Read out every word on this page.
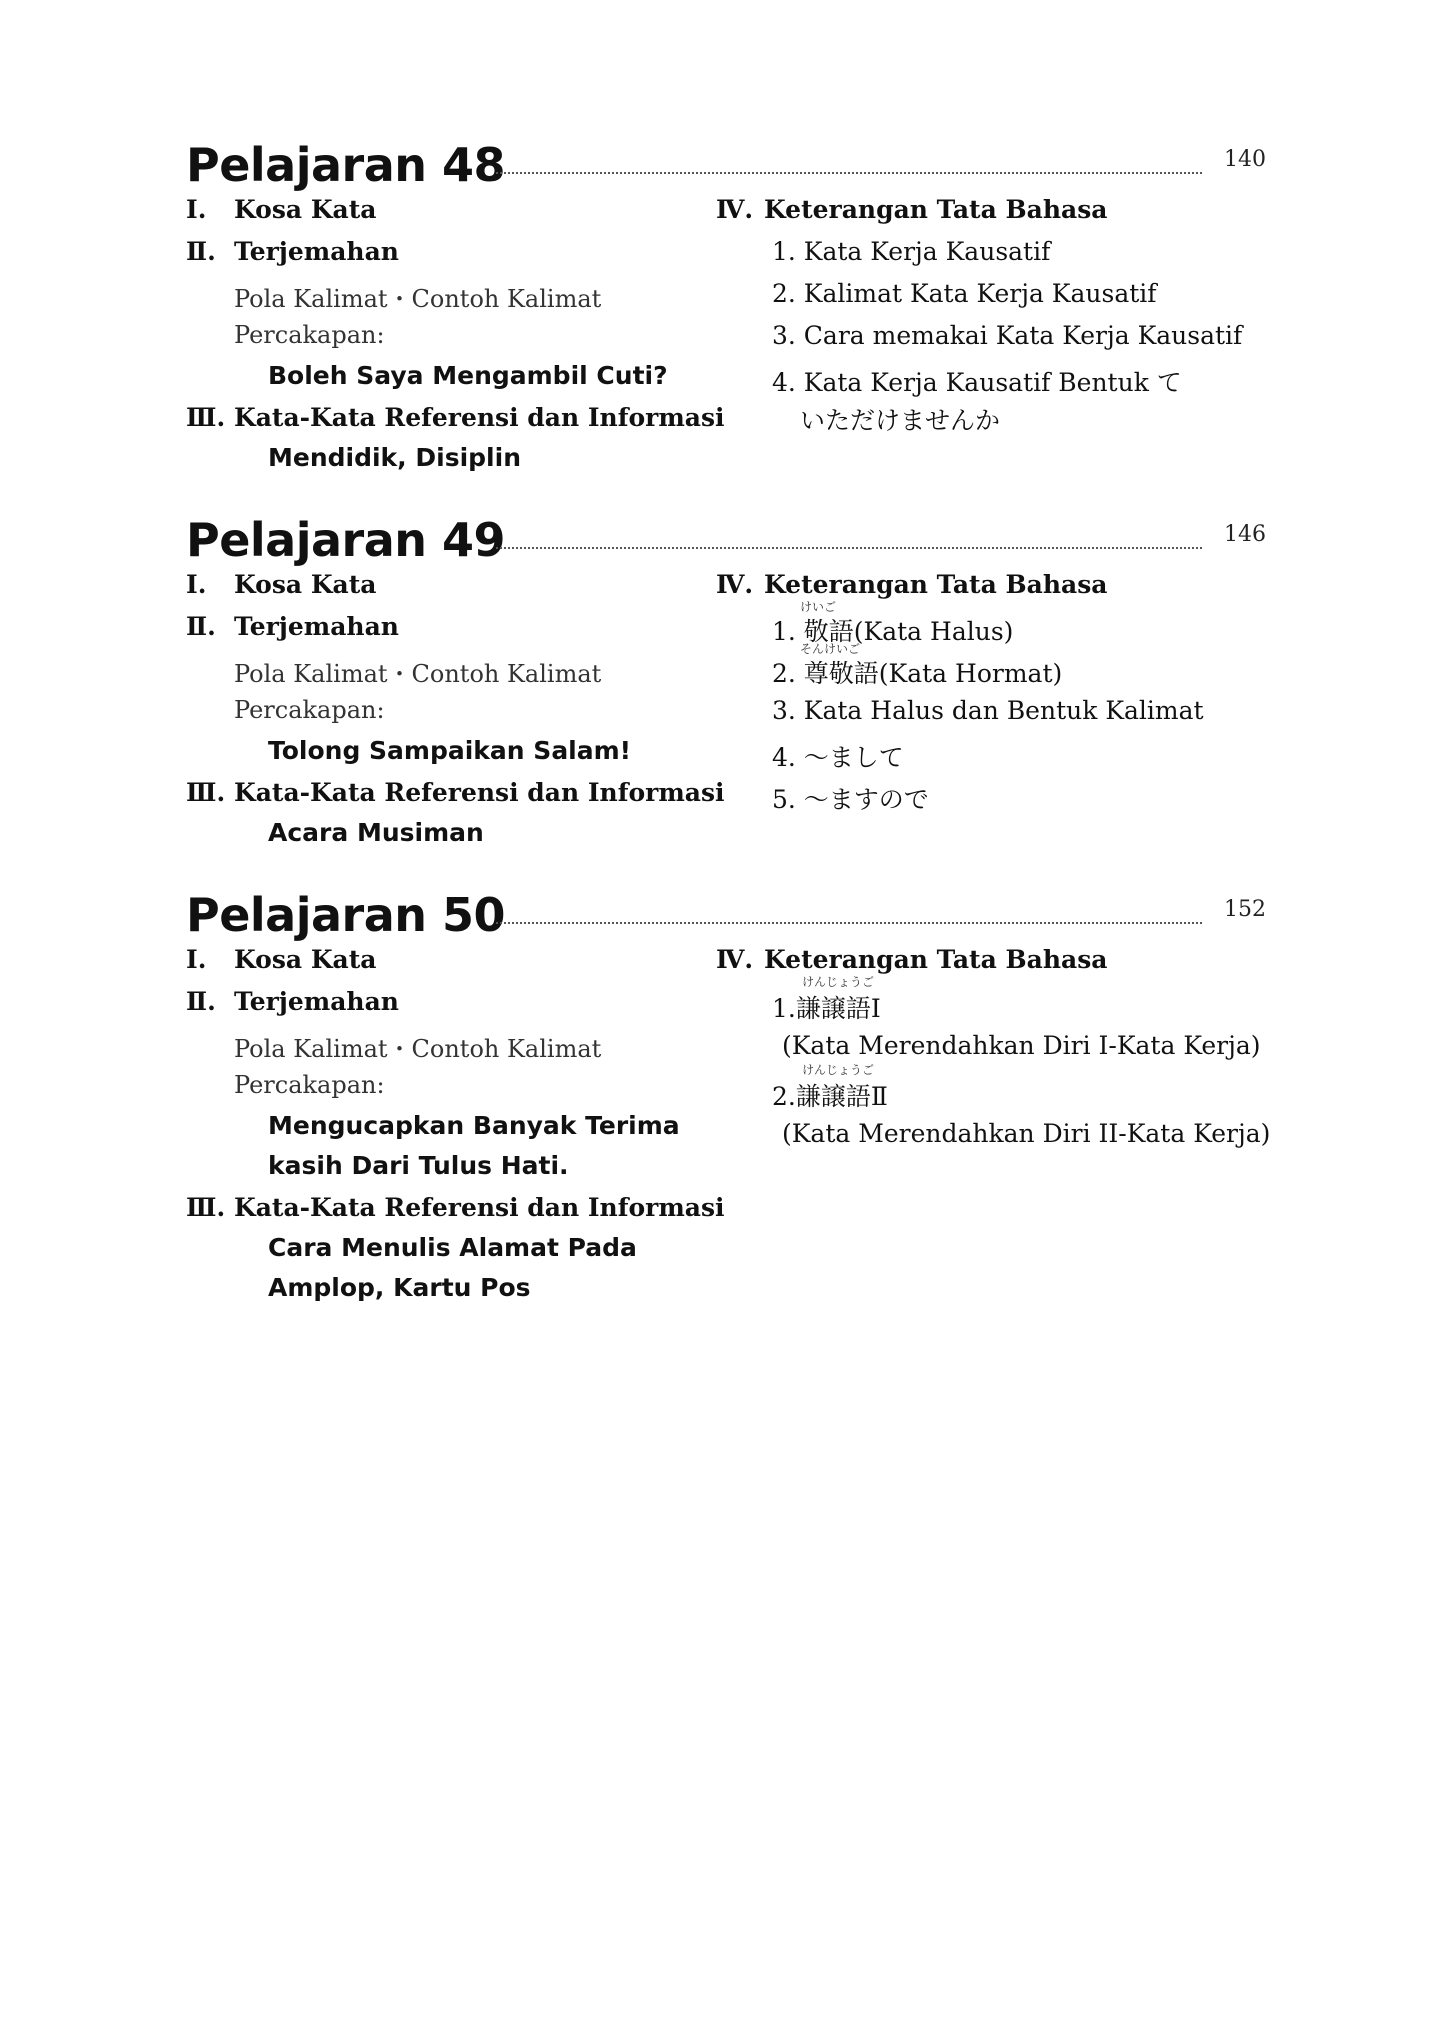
Pelajaran 48	140
Ⅰ. Kosa Kata
Ⅱ. Terjemahan
Pola Kalimat・Contoh Kalimat
Percakapan:
Boleh Saya Mengambil Cuti?
Ⅲ. Kata-Kata Referensi dan Informasi
Mendidik, Disiplin
Ⅳ. Keterangan Tata Bahasa
1. Kata Kerja Kausatif
2. Kalimat Kata Kerja Kausatif
3. Cara memakai Kata Kerja Kausatif
4. Kata Kerja Kausatif Bentuk て
いただけませんか
Pelajaran 49	146
Ⅰ. Kosa Kata
Ⅱ. Terjemahan
Pola Kalimat・Contoh Kalimat
Percakapan:
Tolong Sampaikan Salam!
Ⅲ. Kata-Kata Referensi dan Informasi
Acara Musiman
Ⅳ. Keterangan Tata Bahasa
けいご
1. 敬語(Kata Halus)
そんけいご
2. 尊敬語(Kata Hormat)
3. Kata Halus dan Bentuk Kalimat
4. ～まして
5. ～ますので
Pelajaran 50	152
Ⅰ. Kosa Kata
Ⅱ. Terjemahan
Pola Kalimat・Contoh Kalimat
Percakapan:
Mengucapkan Banyak Terima
kasih Dari Tulus Hati.
Ⅲ. Kata-Kata Referensi dan Informasi
Cara Menulis Alamat Pada
Amplop, Kartu Pos
Ⅳ. Keterangan Tata Bahasa
けんじょうご
1.謙譲語Ⅰ
(Kata Merendahkan Diri I-Kata Kerja)
けんじょうご
2.謙譲語Ⅱ
(Kata Merendahkan Diri II-Kata Kerja)
